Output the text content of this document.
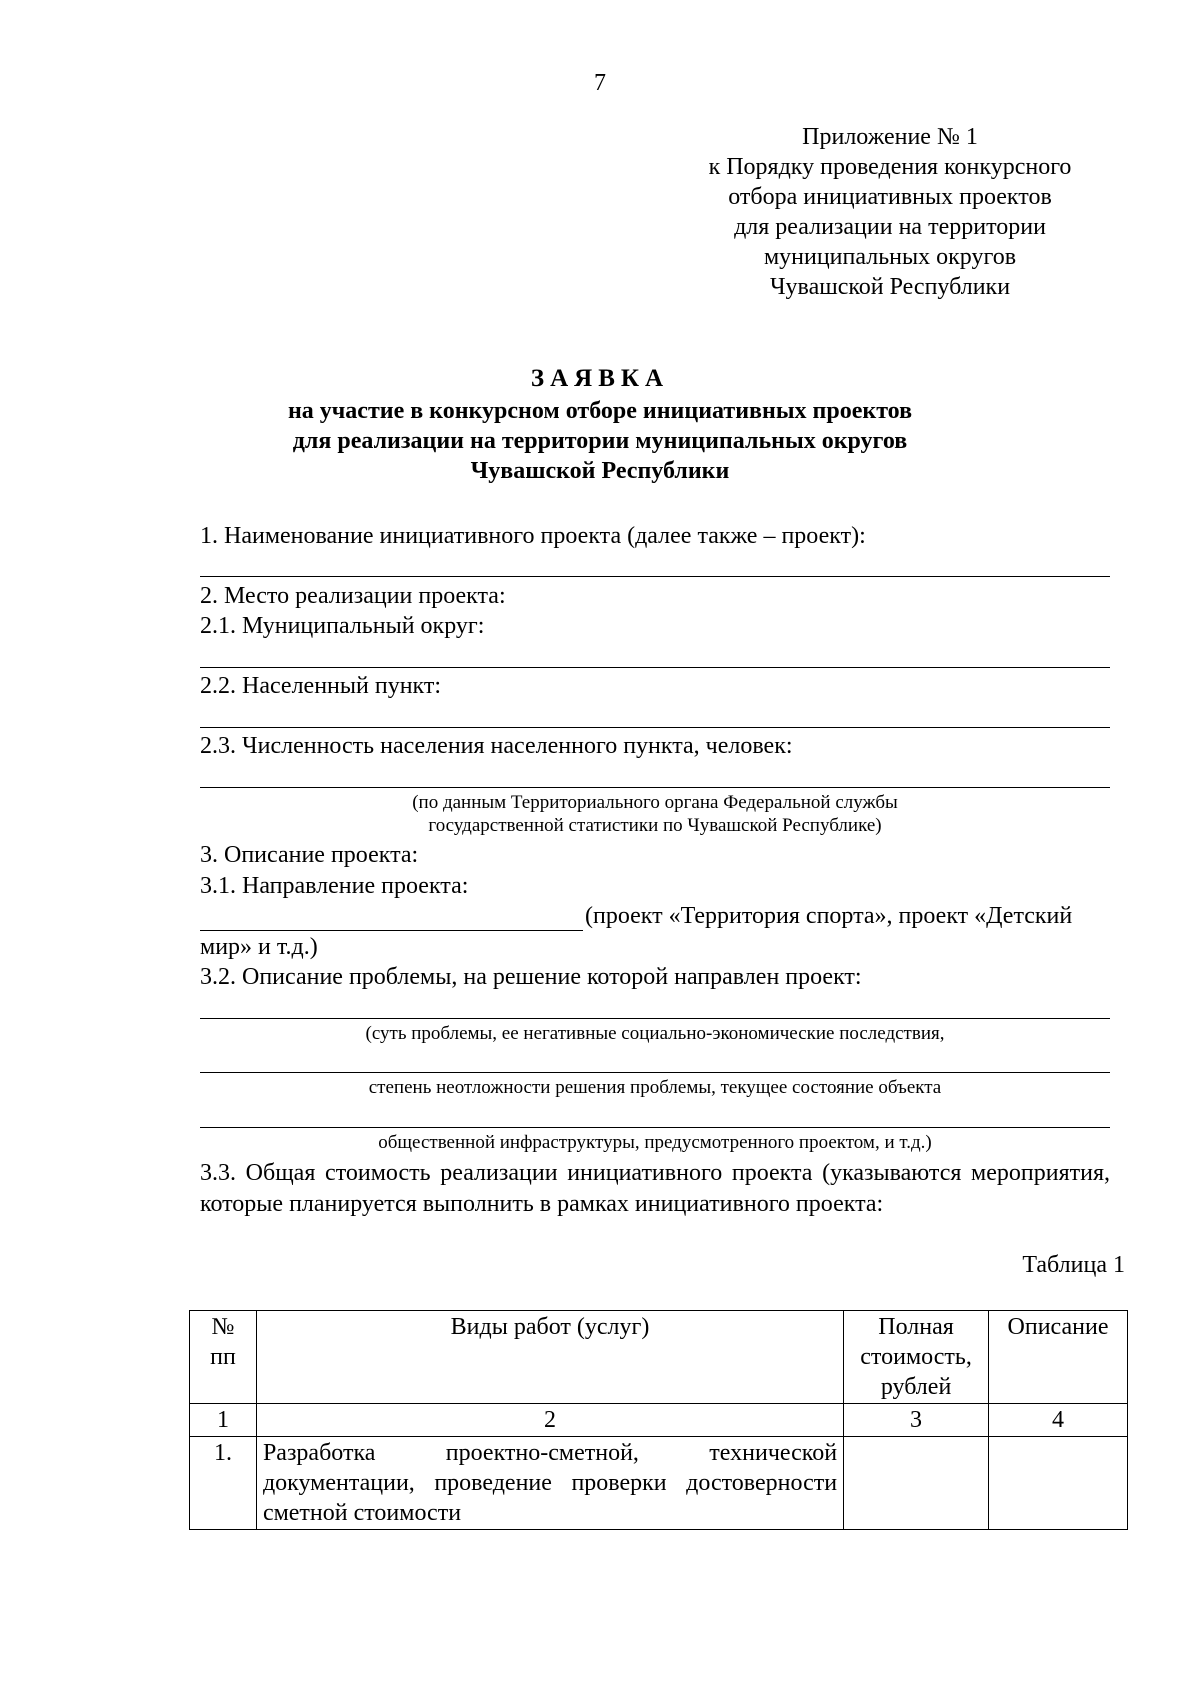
7
Приложение № 1
к Порядку проведения конкурсного
отбора инициативных проектов
для реализации на территории
муниципальных округов
Чувашской Республики
ЗАЯВКА
на участие в конкурсном отборе инициативных проектов
для реализации на территории муниципальных округов
Чувашской Республики
1. Наименование инициативного проекта (далее также – проект):
2. Место реализации проекта:
2.1. Муниципальный округ:
2.2. Населенный пункт:
2.3. Численность населения населенного пункта, человек:
(по данным Территориального органа Федеральной службы
государственной статистики по Чувашской Республике)
3. Описание проекта:
3.1. Направление проекта:
(проект «Территория спорта», проект «Детский
мир» и т.д.)
3.2. Описание проблемы, на решение которой направлен проект:
(суть проблемы, ее негативные социально-экономические последствия,
степень неотложности решения проблемы, текущее состояние объекта
общественной инфраструктуры, предусмотренного проектом, и т.д.)
3.3. Общая стоимость реализации инициативного проекта (указываются мероприятия, которые планируется выполнить в рамках инициативного проекта:
Таблица 1
№ пп	Виды работ (услуг)	Полная стоимость, рублей	Описание
1	2	3	4
1.	Разработка проектно-сметной, технической документации, проведение проверки достоверности сметной стоимости		
